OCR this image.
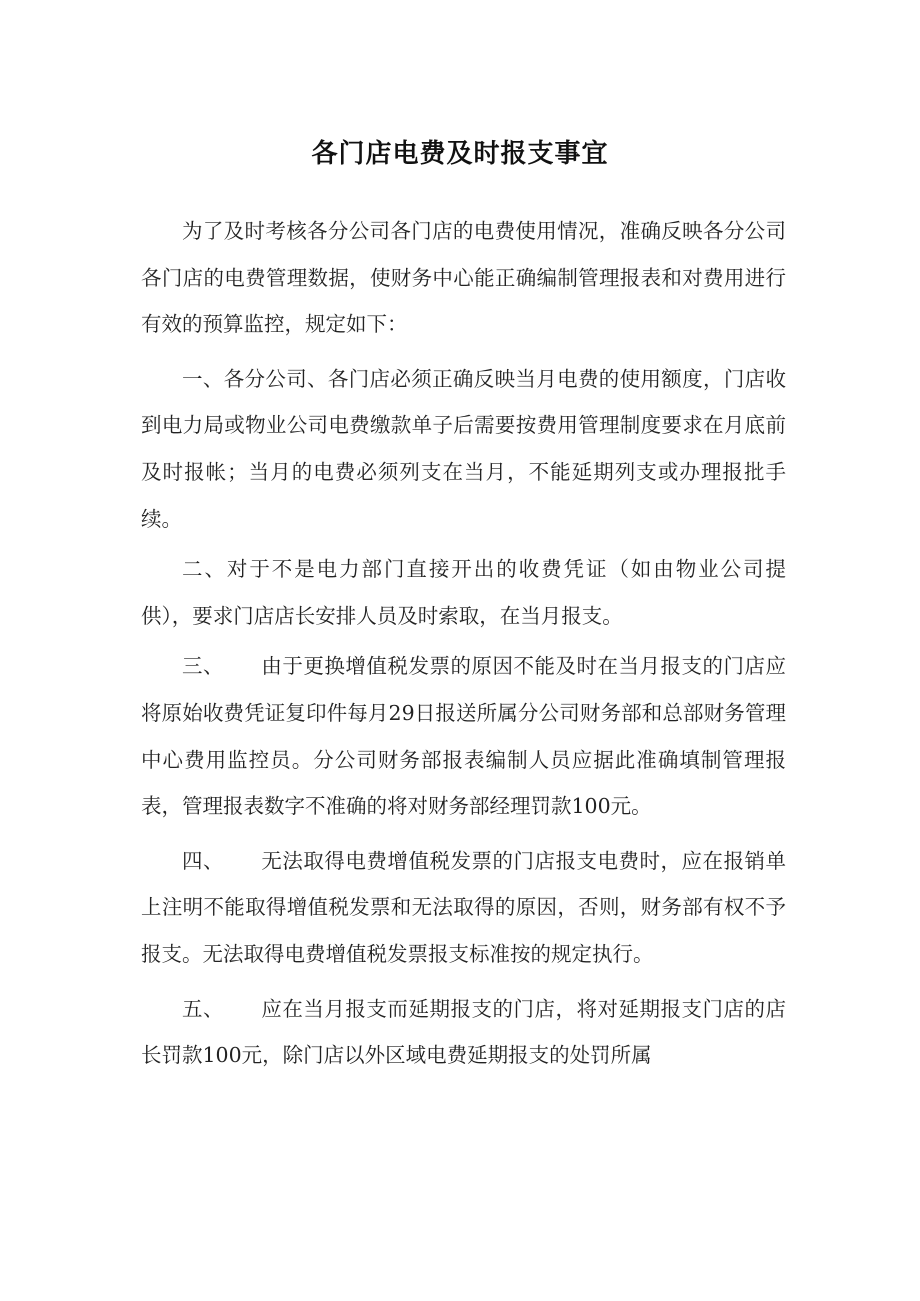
各门店电费及时报支事宜

为了及时考核各分公司各门店的电费使用情况，准确反映各分公司各门店的电费管理数据，使财务中心能正确编制管理报表和对费用进行有效的预算监控，规定如下：

一、各分公司、各门店必须正确反映当月电费的使用额度，门店收到电力局或物业公司电费缴款单子后需要按费用管理制度要求在月底前及时报帐；当月的电费必须列支在当月，不能延期列支或办理报批手续。

二、对于不是电力部门直接开出的收费凭证（如由物业公司提供），要求门店店长安排人员及时索取，在当月报支。

三、 由于更换增值税发票的原因不能及时在当月报支的门店应将原始收费凭证复印件每月29日报送所属分公司财务部和总部财务管理中心费用监控员。分公司财务部报表编制人员应据此准确填制管理报表，管理报表数字不准确的将对财务部经理罚款100元。

四、 无法取得电费增值税发票的门店报支电费时，应在报销单上注明不能取得增值税发票和无法取得的原因，否则，财务部有权不予报支。无法取得电费增值税发票报支标准按的规定执行。

五、 应在当月报支而延期报支的门店，将对延期报支门店的店长罚款100元，除门店以外区域电费延期报支的处罚所属
